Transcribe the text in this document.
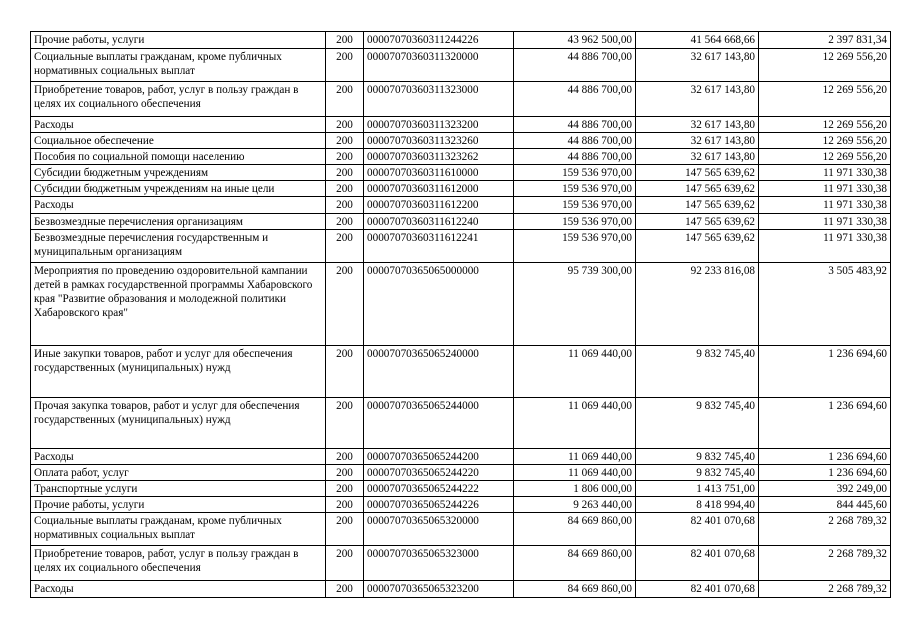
Прочие работы, услуги	200	00007070360311244226	43 962 500,00	41 564 668,66	2 397 831,34
Социальные выплаты гражданам, кроме публичных нормативных социальных выплат	200	00007070360311320000	44 886 700,00	32 617 143,80	12 269 556,20
Приобретение товаров, работ, услуг в пользу граждан в целях их социального обеспечения	200	00007070360311323000	44 886 700,00	32 617 143,80	12 269 556,20
Расходы	200	00007070360311323200	44 886 700,00	32 617 143,80	12 269 556,20
Социальное обеспечение	200	00007070360311323260	44 886 700,00	32 617 143,80	12 269 556,20
Пособия по социальной помощи населению	200	00007070360311323262	44 886 700,00	32 617 143,80	12 269 556,20
Субсидии бюджетным учреждениям	200	00007070360311610000	159 536 970,00	147 565 639,62	11 971 330,38
Субсидии бюджетным учреждениям на иные цели	200	00007070360311612000	159 536 970,00	147 565 639,62	11 971 330,38
Расходы	200	00007070360311612200	159 536 970,00	147 565 639,62	11 971 330,38
Безвозмездные перечисления организациям	200	00007070360311612240	159 536 970,00	147 565 639,62	11 971 330,38
Безвозмездные перечисления государственным и муниципальным организациям	200	00007070360311612241	159 536 970,00	147 565 639,62	11 971 330,38
Мероприятия по проведению оздоровительной кампании детей в рамках государственной программы Хабаровского края "Развитие образования и молодежной политики Хабаровского края"	200	00007070365065000000	95 739 300,00	92 233 816,08	3 505 483,92
Иные закупки товаров, работ и услуг для обеспечения государственных (муниципальных) нужд	200	00007070365065240000	11 069 440,00	9 832 745,40	1 236 694,60
Прочая закупка товаров, работ и услуг для обеспечения государственных (муниципальных) нужд	200	00007070365065244000	11 069 440,00	9 832 745,40	1 236 694,60
Расходы	200	00007070365065244200	11 069 440,00	9 832 745,40	1 236 694,60
Оплата работ, услуг	200	00007070365065244220	11 069 440,00	9 832 745,40	1 236 694,60
Транспортные услуги	200	00007070365065244222	1 806 000,00	1 413 751,00	392 249,00
Прочие работы, услуги	200	00007070365065244226	9 263 440,00	8 418 994,40	844 445,60
Социальные выплаты гражданам, кроме публичных нормативных социальных выплат	200	00007070365065320000	84 669 860,00	82 401 070,68	2 268 789,32
Приобретение товаров, работ, услуг в пользу граждан в целях их социального обеспечения	200	00007070365065323000	84 669 860,00	82 401 070,68	2 268 789,32
Расходы	200	00007070365065323200	84 669 860,00	82 401 070,68	2 268 789,32
